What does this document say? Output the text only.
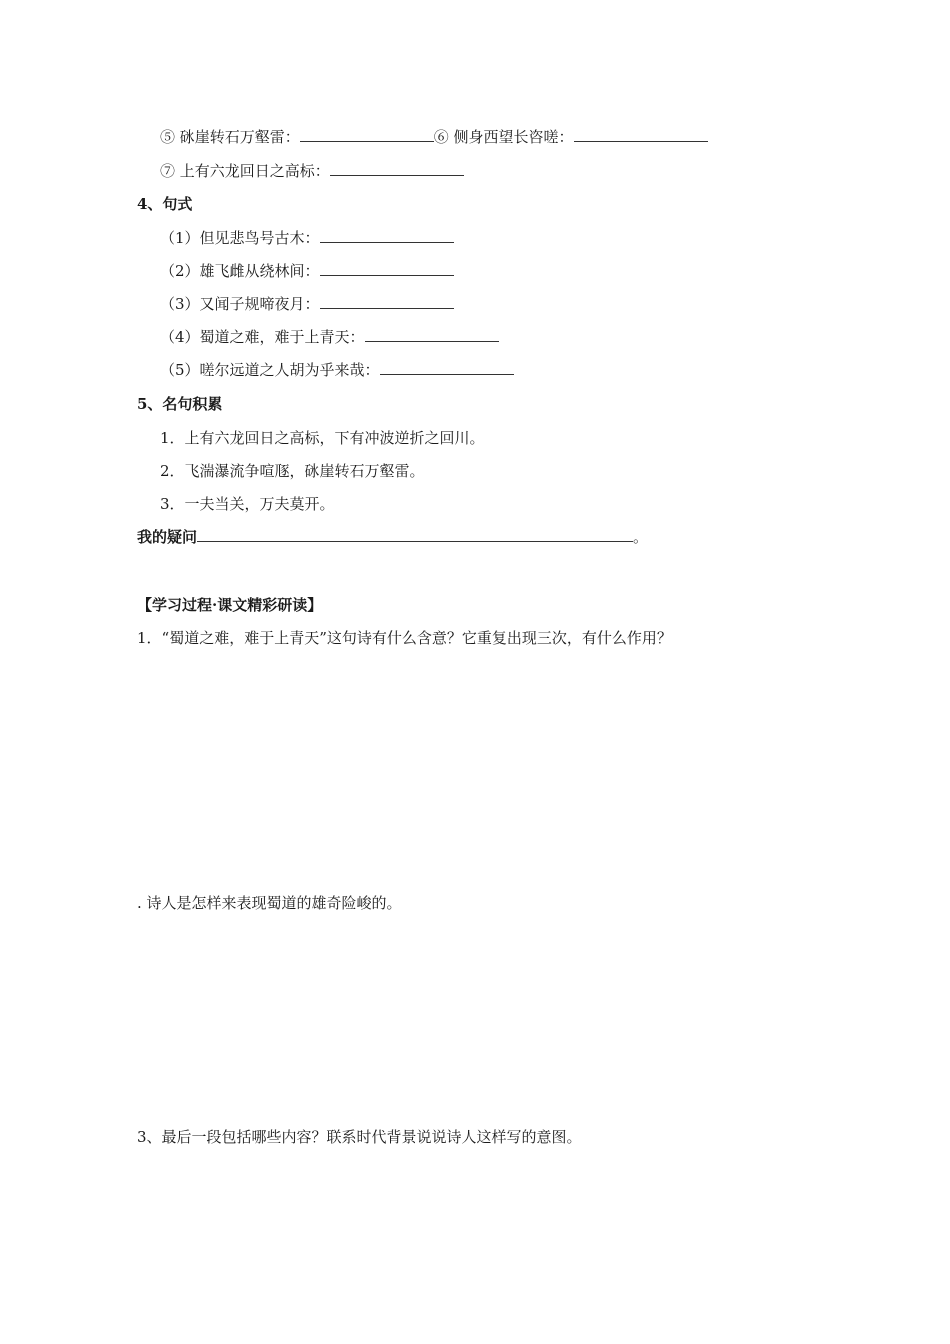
⑤ 砯崖转石万壑雷：	⑥ 侧身西望长咨嗟：
⑦ 上有六龙回日之高标：
4、句式
（1）但见悲鸟号古木：
（2）雄飞雌从绕林间：
（3）又闻子规啼夜月：
（4）蜀道之难，难于上青天：
（5）嗟尔远道之人胡为乎来哉：
5、名句积累
1．上有六龙回日之高标，下有冲波逆折之回川。
2．飞湍瀑流争喧豗，砯崖转石万壑雷。
3．一夫当关，万夫莫开。
我的疑问	。
【学习过程·课文精彩研读】
1．“蜀道之难，难于上青天”这句诗有什么含意？它重复出现三次，有什么作用？
. 诗人是怎样来表现蜀道的雄奇险峻的。
3、最后一段包括哪些内容？联系时代背景说说诗人这样写的意图。
